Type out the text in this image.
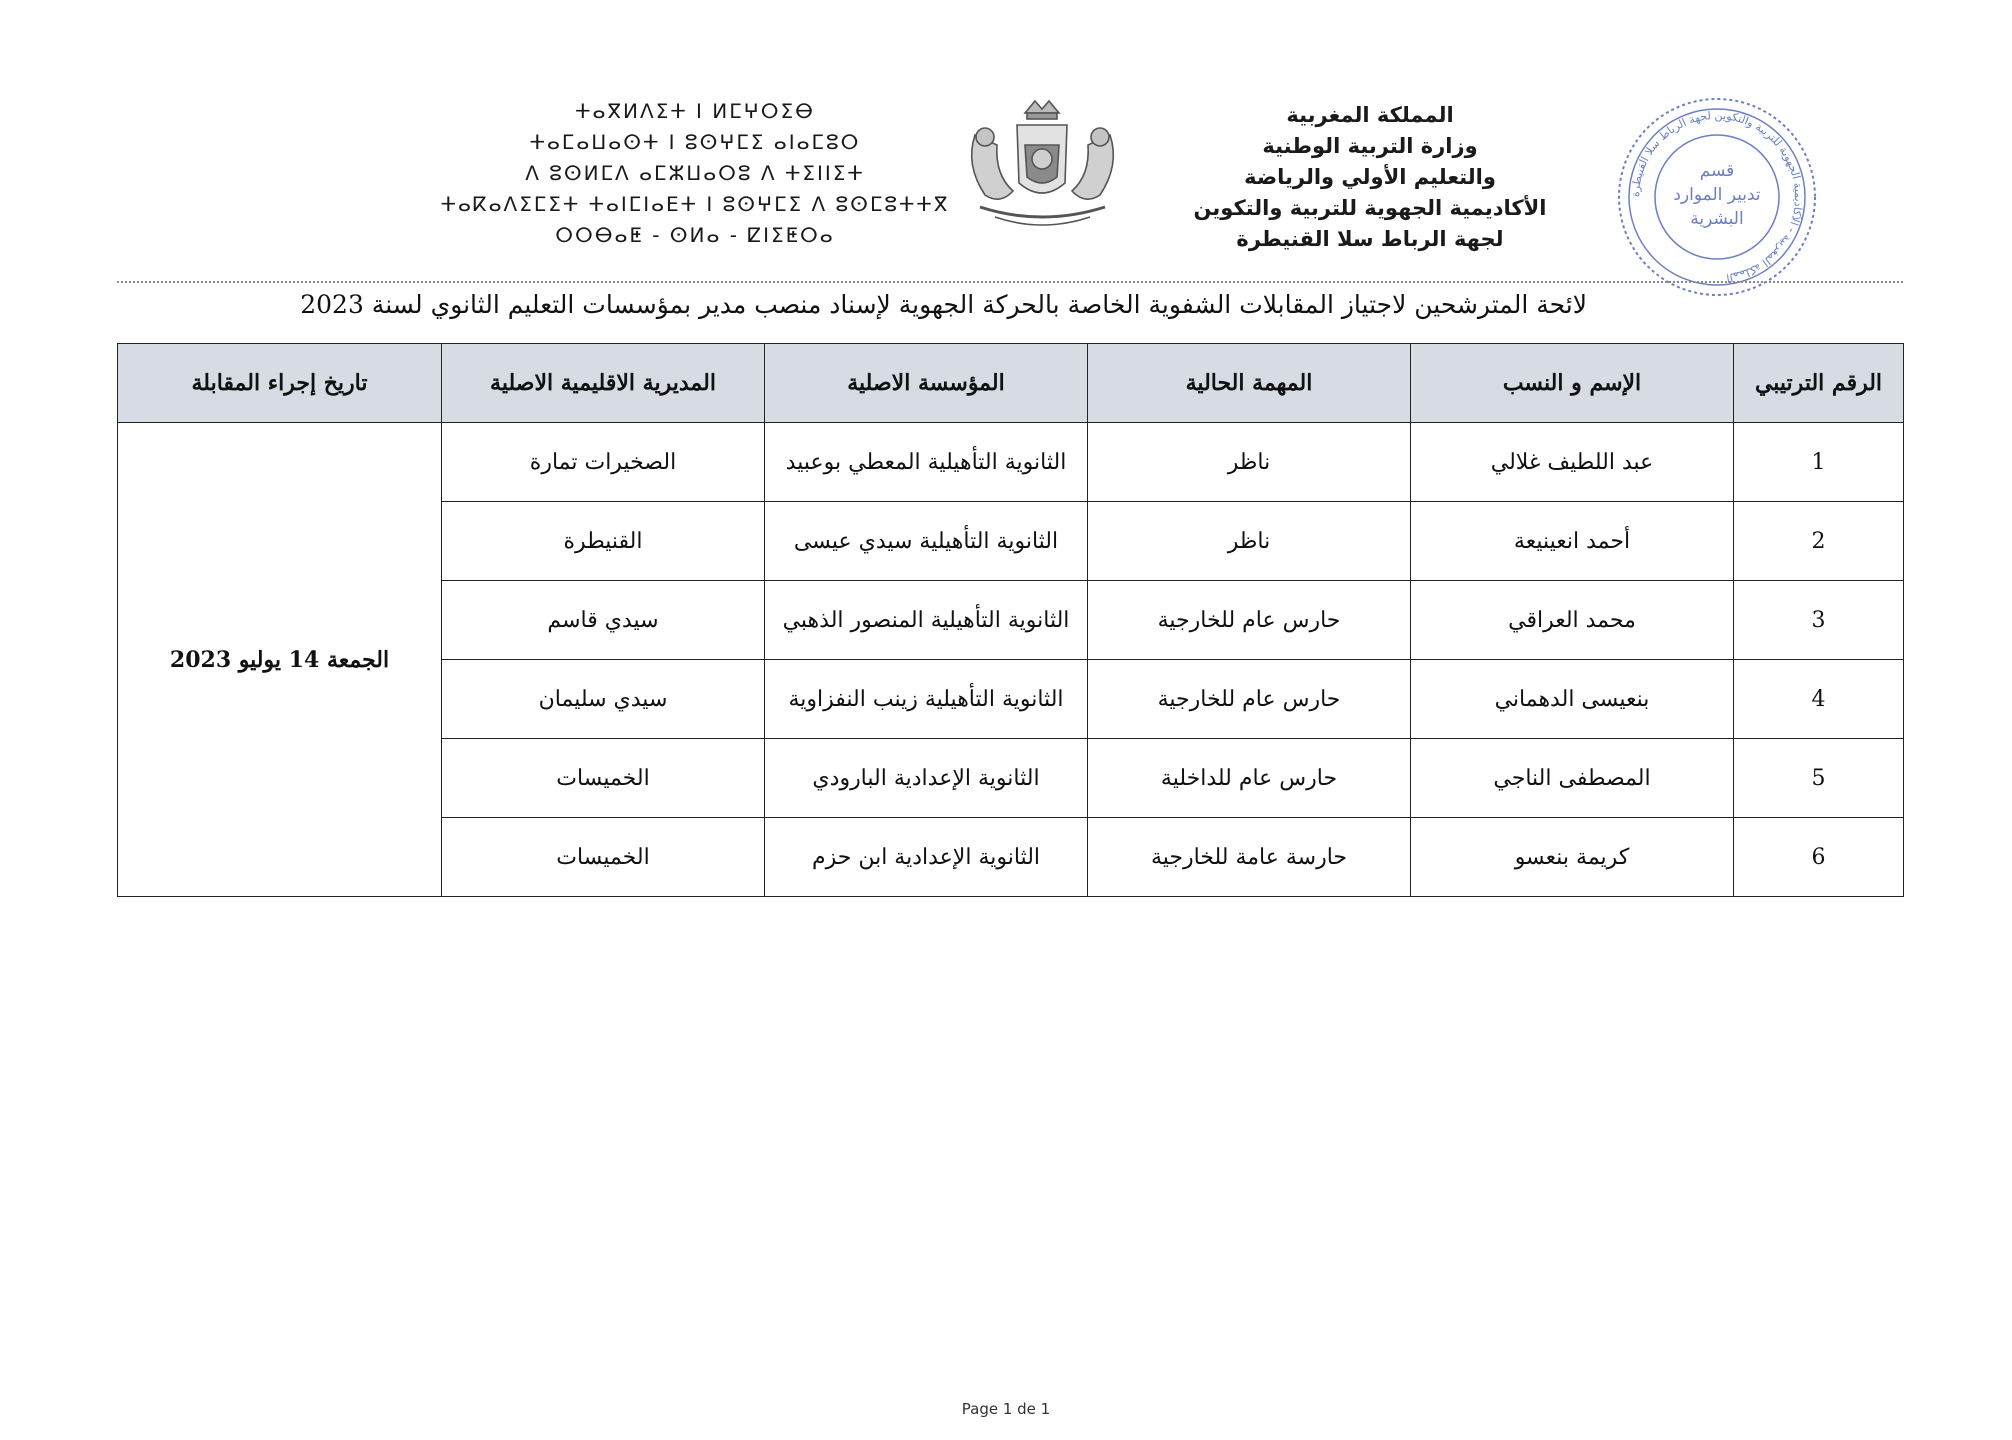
ⵜⴰⴳⵍⴷⵉⵜ ⵏ ⵍⵎⵖⵔⵉⴱ
ⵜⴰⵎⴰⵡⴰⵙⵜ ⵏ ⵓⵙⵖⵎⵉ ⴰⵏⴰⵎⵓⵔ
ⴷ ⵓⵙⵍⵎⴷ ⴰⵎⵣⵡⴰⵔⵓ ⴷ ⵜⵉⵏⵏⵉⵜ
ⵜⴰⴽⴰⴷⵉⵎⵉⵜ ⵜⴰⵏⵎⵏⴰⴹⵜ ⵏ ⵓⵙⵖⵎⵉ ⴷ ⵓⵙⵎⵓⵜⵜⴳ
ⵔⵔⴱⴰⵟ - ⵙⵍⴰ - ⵇⵏⵉⵟⵔⴰ
المملكة المغربية
وزارة التربية الوطنية
والتعليم الأولي والرياضة
الأكاديمية الجهوية للتربية والتكوين
لجهة الرباط سلا القنيطرة
المملكة المغربية - الأكاديمية الجهوية للتربية والتكوين لجهة الرباط سلا القنيطرة
قسم
تدبير الموارد
البشرية
لائحة المترشحين لاجتياز المقابلات الشفوية الخاصة بالحركة الجهوية لإسناد منصب مدير بمؤسسات التعليم الثانوي لسنة 2023
الرقم الترتيبي	الإسم و النسب	المهمة الحالية	المؤسسة الاصلية	المديرية الاقليمية الاصلية	تاريخ إجراء المقابلة
1	عبد اللطيف غلالي	ناظر	الثانوية التأهيلية المعطي بوعبيد	الصخيرات تمارة	الجمعة 14 يوليو 2023
2	أحمد انعينيعة	ناظر	الثانوية التأهيلية سيدي عيسى	القنيطرة	
3	محمد العراقي	حارس عام للخارجية	الثانوية التأهيلية المنصور الذهبي	سيدي قاسم	
4	بنعيسى الدهماني	حارس عام للخارجية	الثانوية التأهيلية زينب النفزاوية	سيدي سليمان	
5	المصطفى الناجي	حارس عام للداخلية	الثانوية الإعدادية البارودي	الخميسات	
6	كريمة بنعسو	حارسة عامة للخارجية	الثانوية الإعدادية ابن حزم	الخميسات	
Page 1 de 1
